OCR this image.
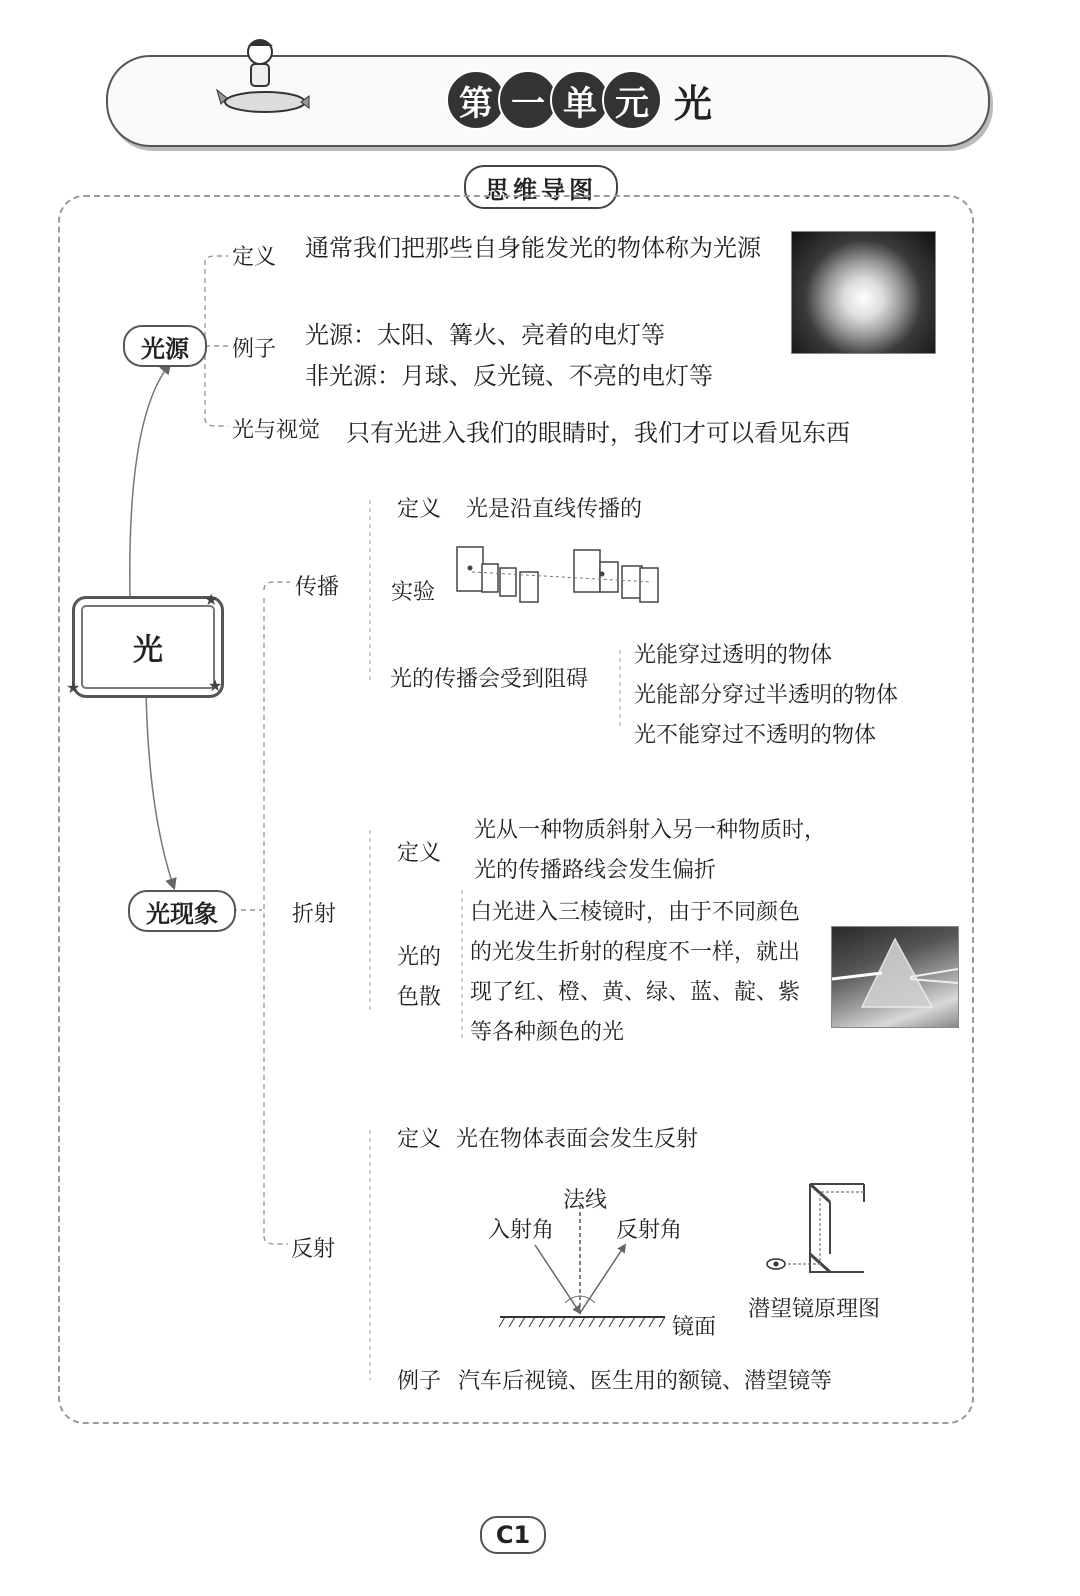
第 一 单 元 光
思维导图
光
★
★	★
光源
定义 通常我们把那些自身能发光的物体称为光源
例子
光源：太阳、篝火、亮着的电灯等
非光源：月球、反光镜、不亮的电灯等
光与视觉 只有光进入我们的眼睛时，我们才可以看见东西
光现象
传播
定义 光是沿直线传播的
实验
光的传播会受到阻碍
光能穿过透明的物体
光能部分穿过半透明的物体
光不能穿过不透明的物体
折射
定义
光从一种物质斜射入另一种物质时，
光的传播路线会发生偏折
光的
色散
白光进入三棱镜时，由于不同颜色
的光发生折射的程度不一样，就出
现了红、橙、黄、绿、蓝、靛、紫
等各种颜色的光
反射
定义 光在物体表面会发生反射
法线
入射角	反射角
镜面
潜望镜原理图
例子 汽车后视镜、医生用的额镜、潜望镜等
C1
